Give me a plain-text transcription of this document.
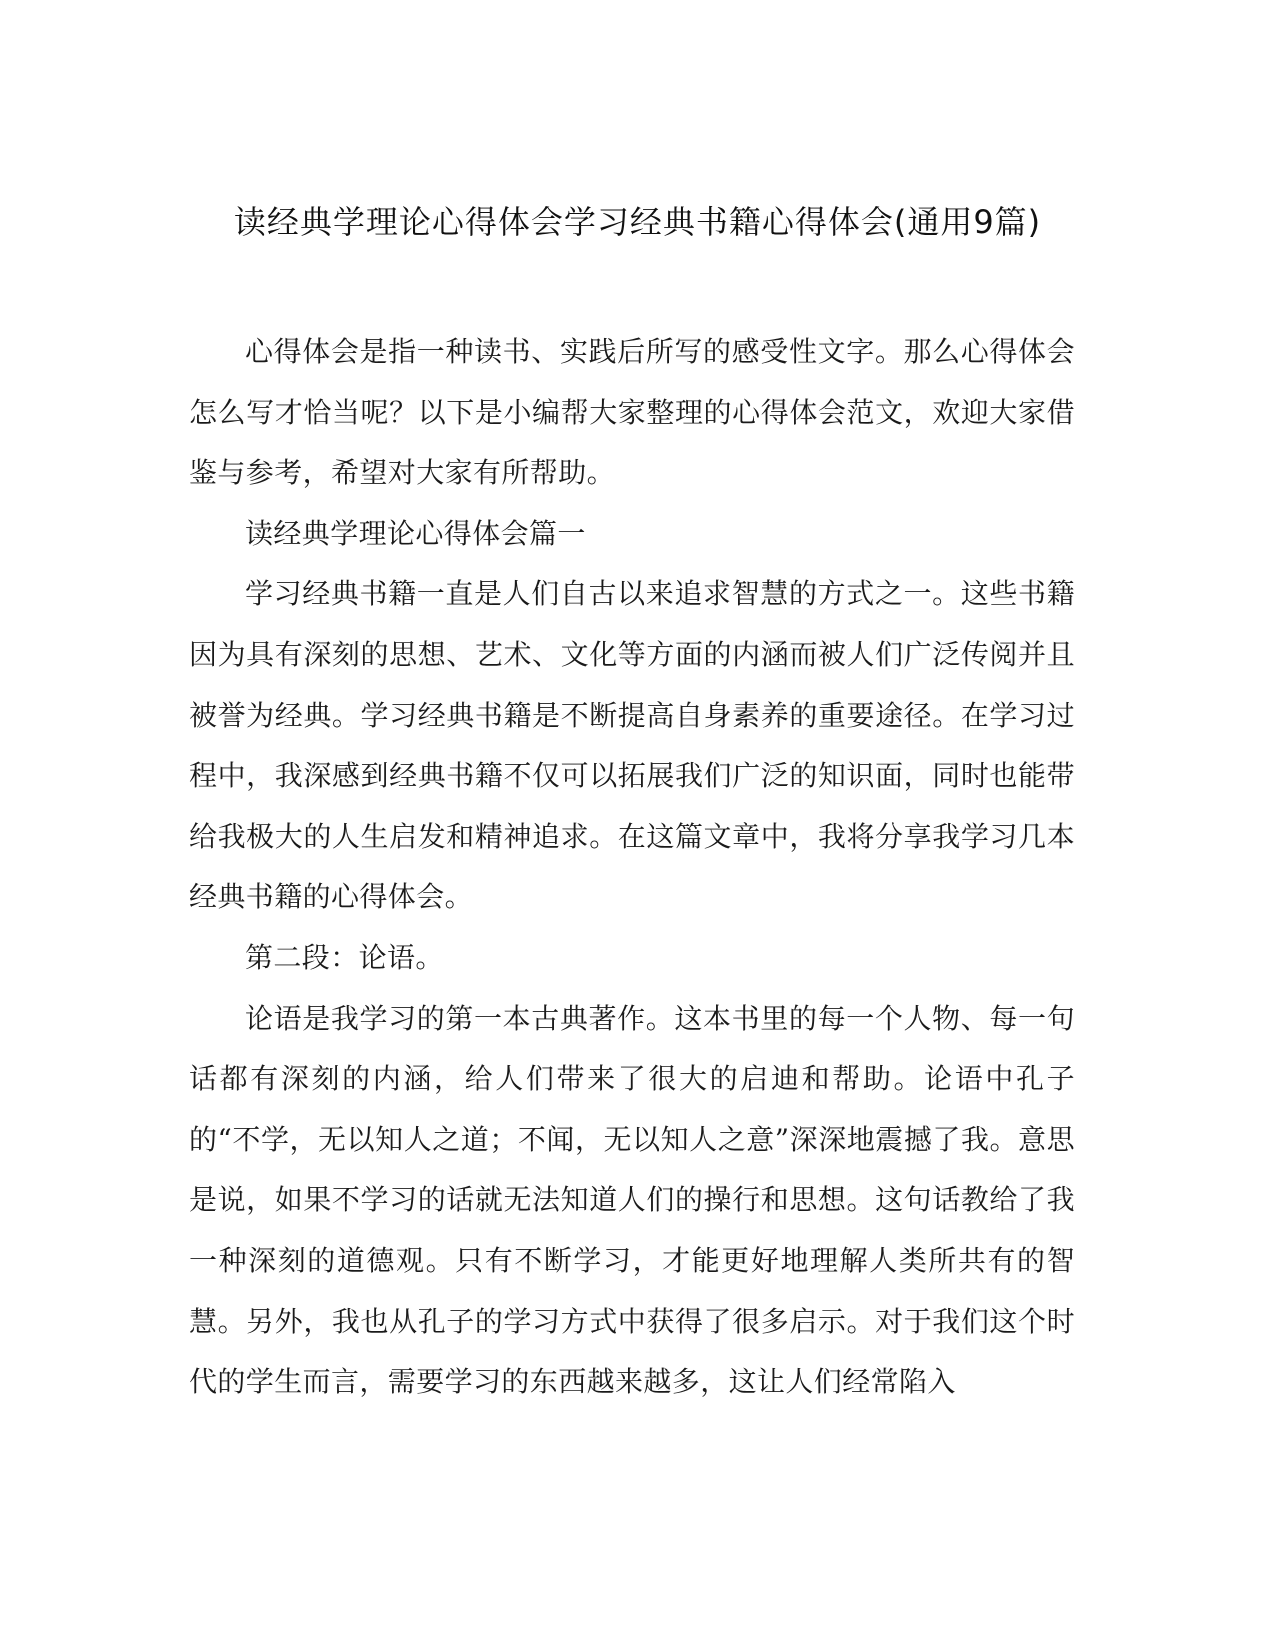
读经典学理论心得体会学习经典书籍心得体会(通用9篇)

心得体会是指一种读书、实践后所写的感受性文字。那么心得体会怎么写才恰当呢？以下是小编帮大家整理的心得体会范文，欢迎大家借鉴与参考，希望对大家有所帮助。

读经典学理论心得体会篇一

学习经典书籍一直是人们自古以来追求智慧的方式之一。这些书籍因为具有深刻的思想、艺术、文化等方面的内涵而被人们广泛传阅并且被誉为经典。学习经典书籍是不断提高自身素养的重要途径。在学习过程中，我深感到经典书籍不仅可以拓展我们广泛的知识面，同时也能带给我极大的人生启发和精神追求。在这篇文章中，我将分享我学习几本经典书籍的心得体会。

第二段：论语。

论语是我学习的第一本古典著作。这本书里的每一个人物、每一句话都有深刻的内涵，给人们带来了很大的启迪和帮助。论语中孔子的“不学，无以知人之道；不闻，无以知人之意”深深地震撼了我。意思是说，如果不学习的话就无法知道人们的操行和思想。这句话教给了我一种深刻的道德观。只有不断学习，才能更好地理解人类所共有的智慧。另外，我也从孔子的学习方式中获得了很多启示。对于我们这个时代的学生而言，需要学习的东西越来越多，这让人们经常陷入
